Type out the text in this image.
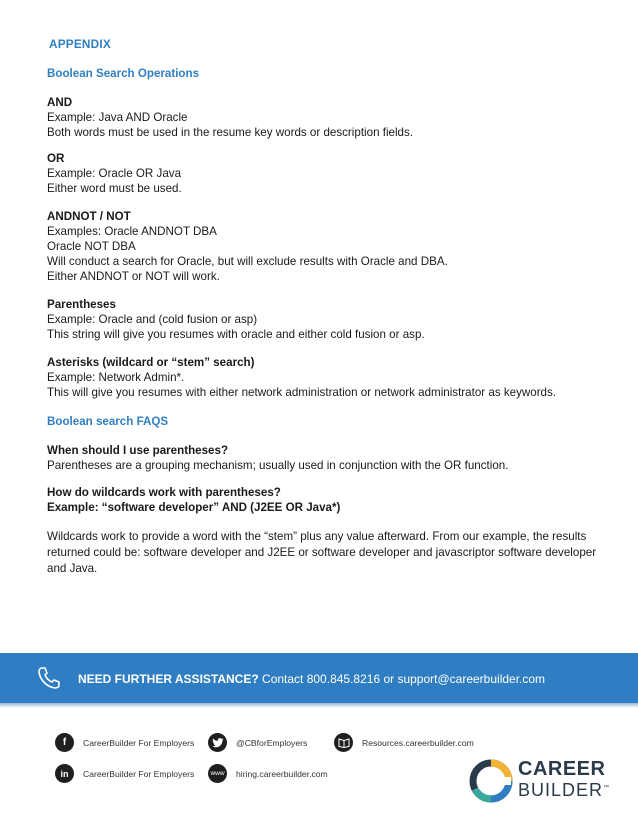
APPENDIX
Boolean Search Operations
AND
Example: Java AND Oracle
Both words must be used in the resume key words or description fields.
OR
Example: Oracle OR Java
Either word must be used.
ANDNOT / NOT
Examples: Oracle ANDNOT DBA
Oracle NOT DBA
Will conduct a search for Oracle, but will exclude results with Oracle and DBA.
Either ANDNOT or NOT will work.
Parentheses
Example: Oracle and (cold fusion or asp)
This string will give you resumes with oracle and either cold fusion or asp.
Asterisks (wildcard or “stem” search)
Example: Network Admin*.
This will give you resumes with either network administration or network administrator as keywords.
Boolean search FAQS
When should I use parentheses?
Parentheses are a grouping mechanism; usually used in conjunction with the OR function.
How do wildcards work with parentheses?
Example: “software developer” AND (J2EE OR Java*)
Wildcards work to provide a word with the “stem” plus any value afterward. From our example, the results returned could be: software developer and J2EE or software developer and javascriptor software developer and Java.
NEED FURTHER ASSISTANCE? Contact 800.845.8216 or support@careerbuilder.com
f	CareerBuilder For Employers	@CBforEmployers	Resources.careerbuilder.com
in	CareerBuilder For Employers	www hiring.careerbuilder.com	CAREER
BUILDER™
